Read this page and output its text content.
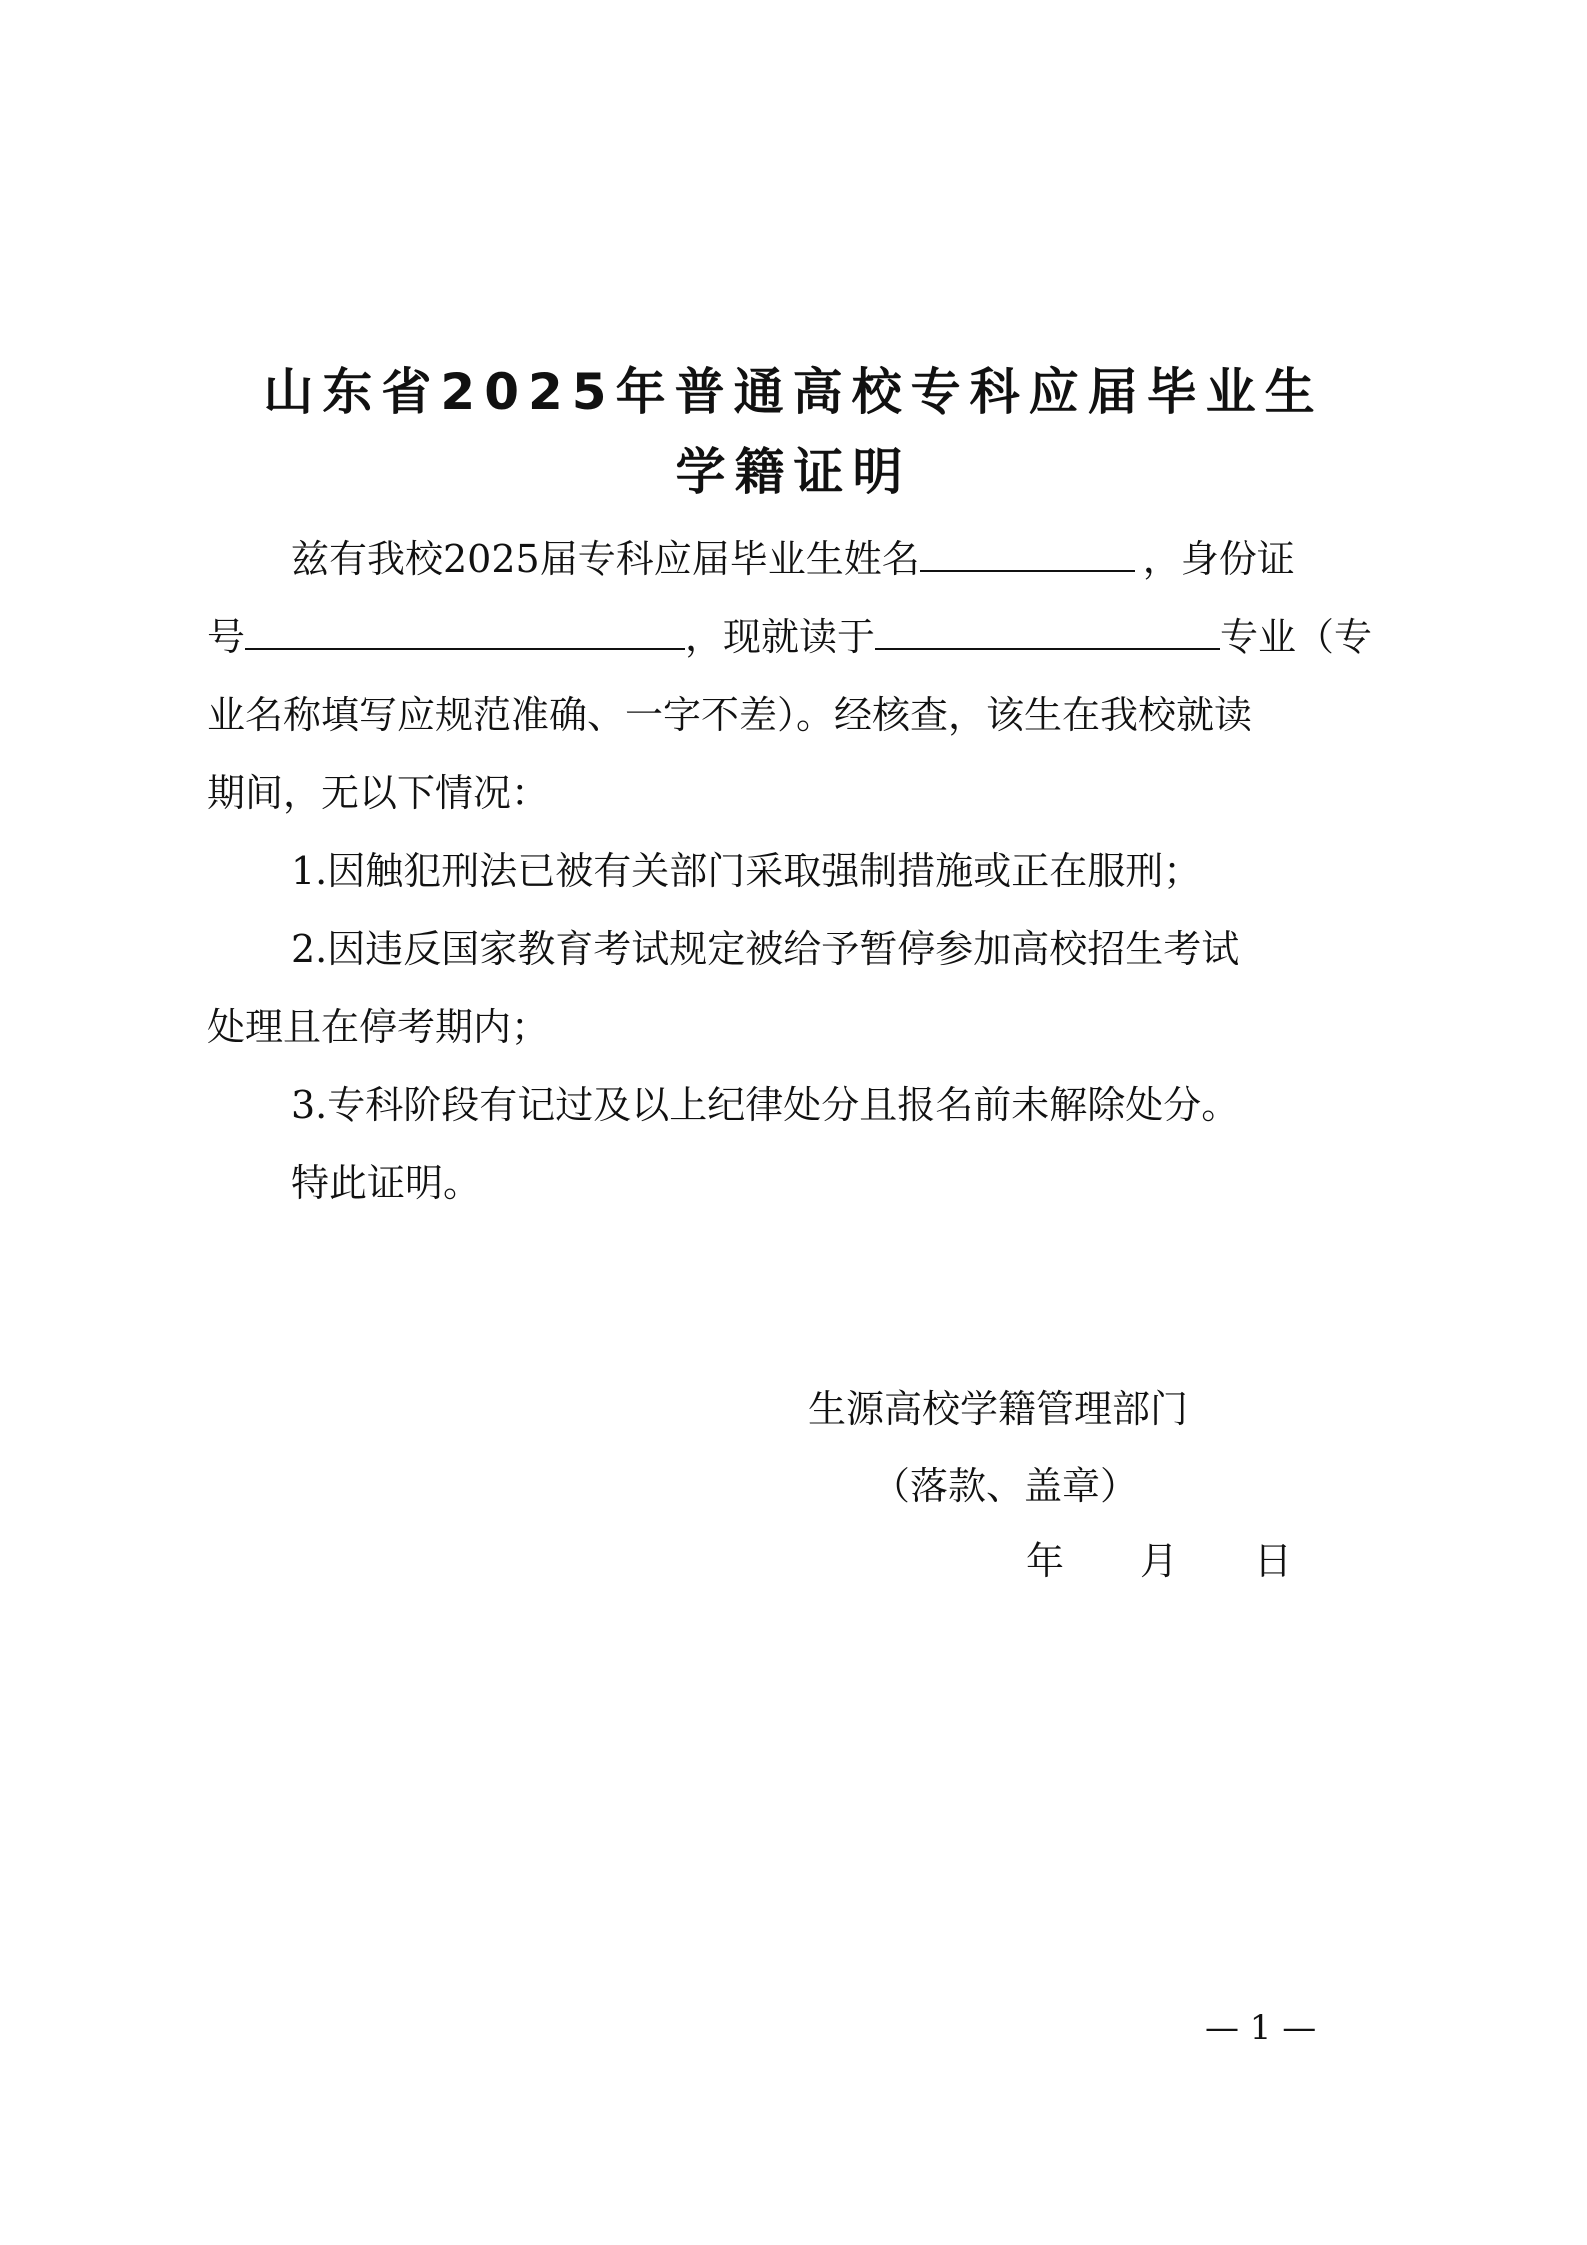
山东省2025年普通高校专科应届毕业生
学籍证明
兹有我校2025届专科应届毕业生姓名	，身份证
号	，现就读于	专业（专
业名称填写应规范准确、一字不差）。经核查，该生在我校就读
期间，无以下情况：
1.因触犯刑法已被有关部门采取强制措施或正在服刑；
2.因违反国家教育考试规定被给予暂停参加高校招生考试
处理且在停考期内；
3.专科阶段有记过及以上纪律处分且报名前未解除处分。
特此证明。
生源高校学籍管理部门
（落款、盖章）
年 月 日
— 1 —
